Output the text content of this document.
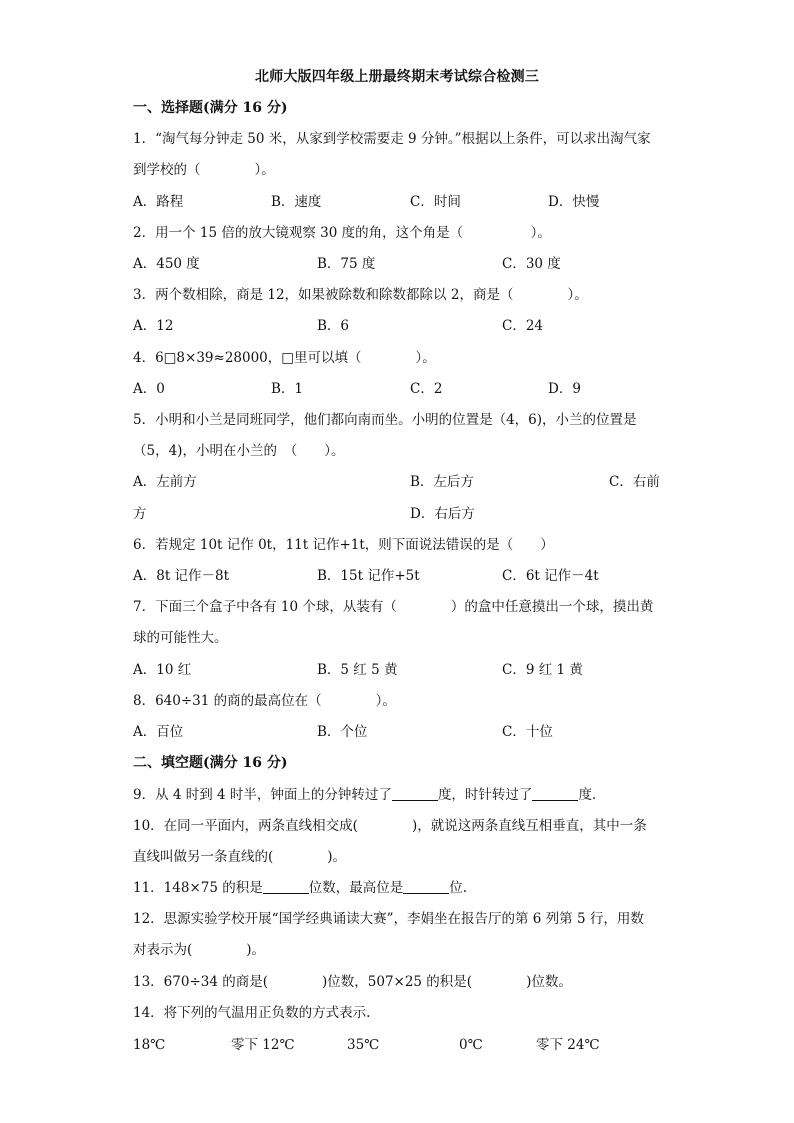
北师大版四年级上册最终期末考试综合检测三
一、选择题(满分 16 分)
1．“淘气每分钟走 50 米，从家到学校需要走 9 分钟。”根据以上条件，可以求出淘气家
到学校的（　　　　）。
A．路程	B．速度	C．时间	D．快慢
2．用一个 15 倍的放大镜观察 30 度的角，这个角是（　　　　　）。
A．450 度	B．75 度	C．30 度
3．两个数相除，商是 12，如果被除数和除数都除以 2，商是（　　　　）。
A．12	B．6	C．24
4．6□8×39≈28000，□里可以填（　　　　）。
A．0	B．1	C．2	D．9
5．小明和小兰是同班同学，他们都向南而坐。小明的位置是（4，6)，小兰的位置是
（5，4)，小明在小兰的　（　　）。
A．左前方	B．左后方	C．右前
方	D．右后方
6．若规定 10t 记作 0t，11t 记作+1t，则下面说法错误的是（　　）
A．8t 记作－8t	B．15t 记作+5t	C．6t 记作－4t
7．下面三个盒子中各有 10 个球，从装有（　　　　）的盒中任意摸出一个球，摸出黄
球的可能性大。
A．10 红	B．5 红 5 黄	C．9 红 1 黄
8．640÷31 的商的最高位在（　　　　）。
A．百位	B．个位	C．十位
二、填空题(满分 16 分)
9．从 4 时到 4 时半，钟面上的分钟转过了	度，时针转过了	度.
10．在同一平面内，两条直线相交成(　　　　)，就说这两条直线互相垂直，其中一条
直线叫做另一条直线的(　　　　)。
11．148×75 的积是	位数，最高位是	位.
12．思源实验学校开展“国学经典诵读大赛”，李娟坐在报告厅的第 6 列第 5 行，用数
对表示为(　　　　)。
13．670÷34 的商是(　　　　)位数，507×25 的积是(　　　　)位数。
14．将下列的气温用正负数的方式表示.
18℃	零下 12℃	35℃	0℃	零下 24℃
